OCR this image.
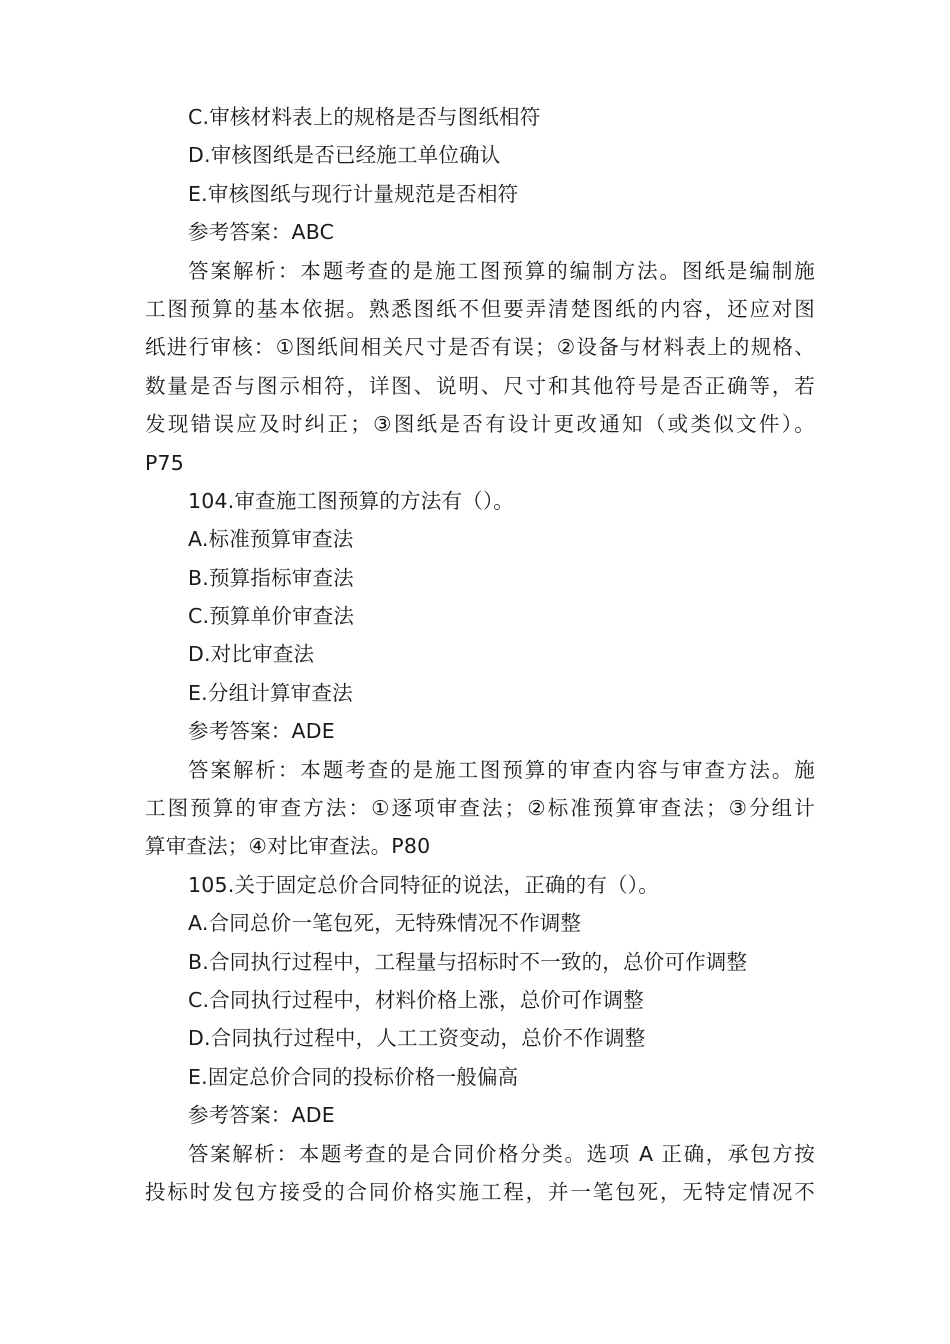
C.审核材料表上的规格是否与图纸相符
D.审核图纸是否已经施工单位确认
E.审核图纸与现行计量规范是否相符
参考答案：ABC
答案解析：本题考查的是施工图预算的编制方法。图纸是编制施
工图预算的基本依据。熟悉图纸不但要弄清楚图纸的内容，还应对图
纸进行审核：①图纸间相关尺寸是否有误；②设备与材料表上的规格、
数量是否与图示相符，详图、说明、尺寸和其他符号是否正确等，若
发现错误应及时纠正；③图纸是否有设计更改通知（或类似文件）。
P75
104.审查施工图预算的方法有（）。
A.标准预算审查法
B.预算指标审查法
C.预算单价审查法
D.对比审查法
E.分组计算审查法
参考答案：ADE
答案解析：本题考查的是施工图预算的审查内容与审查方法。施
工图预算的审查方法：①逐项审查法；②标准预算审查法；③分组计
算审查法；④对比审查法。P80
105.关于固定总价合同特征的说法，正确的有（）。
A.合同总价一笔包死，无特殊情况不作调整
B.合同执行过程中，工程量与招标时不一致的，总价可作调整
C.合同执行过程中，材料价格上涨，总价可作调整
D.合同执行过程中，人工工资变动，总价不作调整
E.固定总价合同的投标价格一般偏高
参考答案：ADE
答案解析：本题考查的是合同价格分类。选项 A 正确，承包方按
投标时发包方接受的合同价格实施工程，并一笔包死，无特定情况不
